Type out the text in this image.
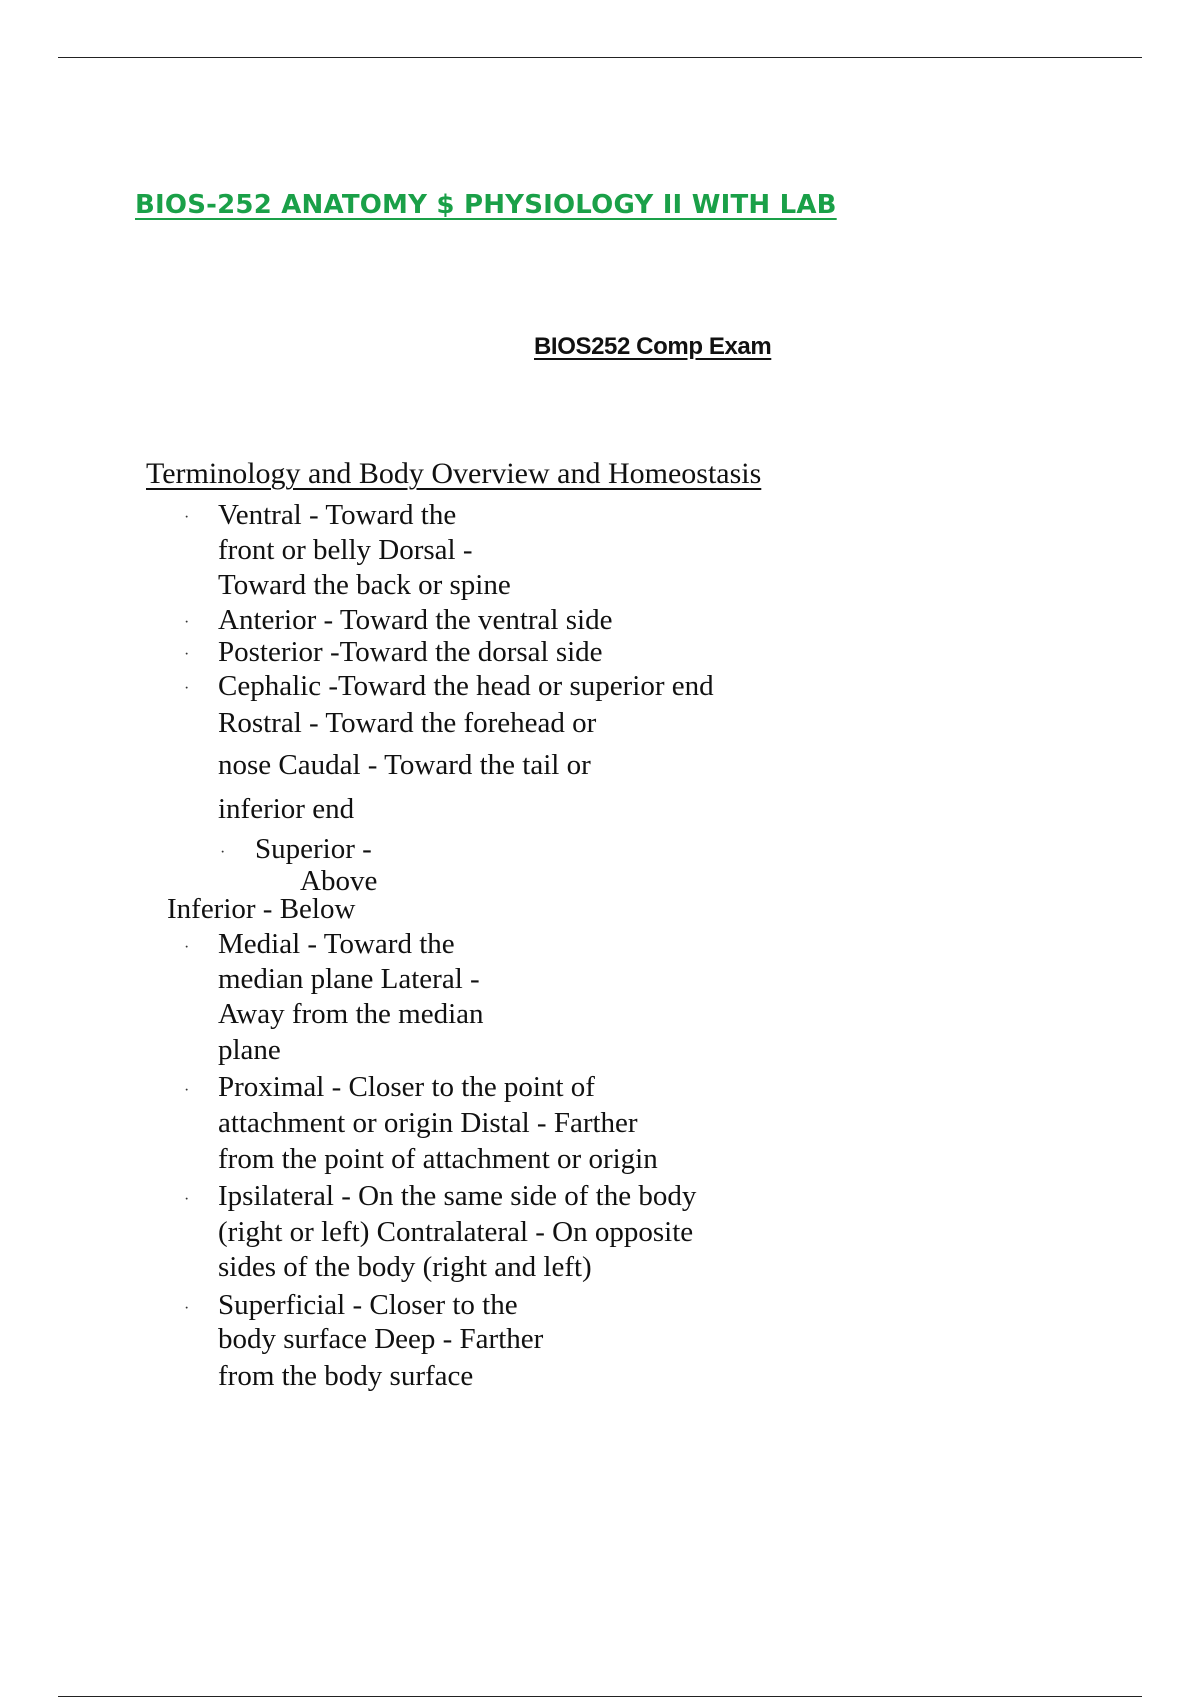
BIOS-252 ANATOMY $ PHYSIOLOGY II WITH LAB
BIOS252 Comp Exam
Terminology and Body Overview and Homeostasis
·
·
·
·
·
·
·
·
·

Ventral - Toward the

front or belly Dorsal -

Toward the back or spine

Anterior - Toward the ventral side

Posterior -Toward the dorsal side

Cephalic -Toward the head or superior end

Rostral - Toward the forehead or

nose Caudal - Toward the tail or

inferior end

Superior -

Above

Inferior - Below

Medial - Toward the

median plane Lateral -

Away from the median

plane

Proximal - Closer to the point of

attachment or origin Distal - Farther

from the point of attachment or origin

Ipsilateral - On the same side of the body

(right or left) Contralateral - On opposite

sides of the body (right and left)

Superficial - Closer to the

body surface Deep - Farther

from the body surface
